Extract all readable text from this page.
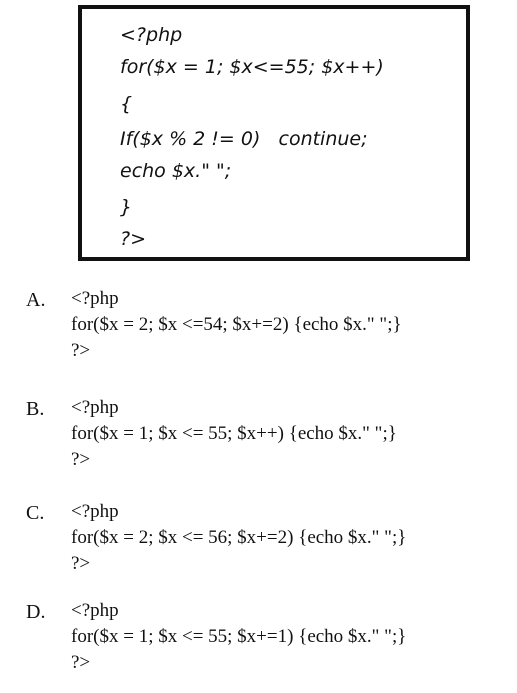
<?php
for($x = 1; $x<=55; $x++)
{
If($x % 2 != 0)   continue;
echo $x." ";
}
?>
A. <?php
for($x = 2; $x <=54; $x+=2) {echo $x." ";}
?>
B. <?php
for($x = 1; $x <= 55; $x++) {echo $x." ";}
?>
C. <?php
for($x = 2; $x <= 56; $x+=2) {echo $x." ";}
?>
D. <?php
for($x = 1; $x <= 55; $x+=1) {echo $x." ";}
?>
